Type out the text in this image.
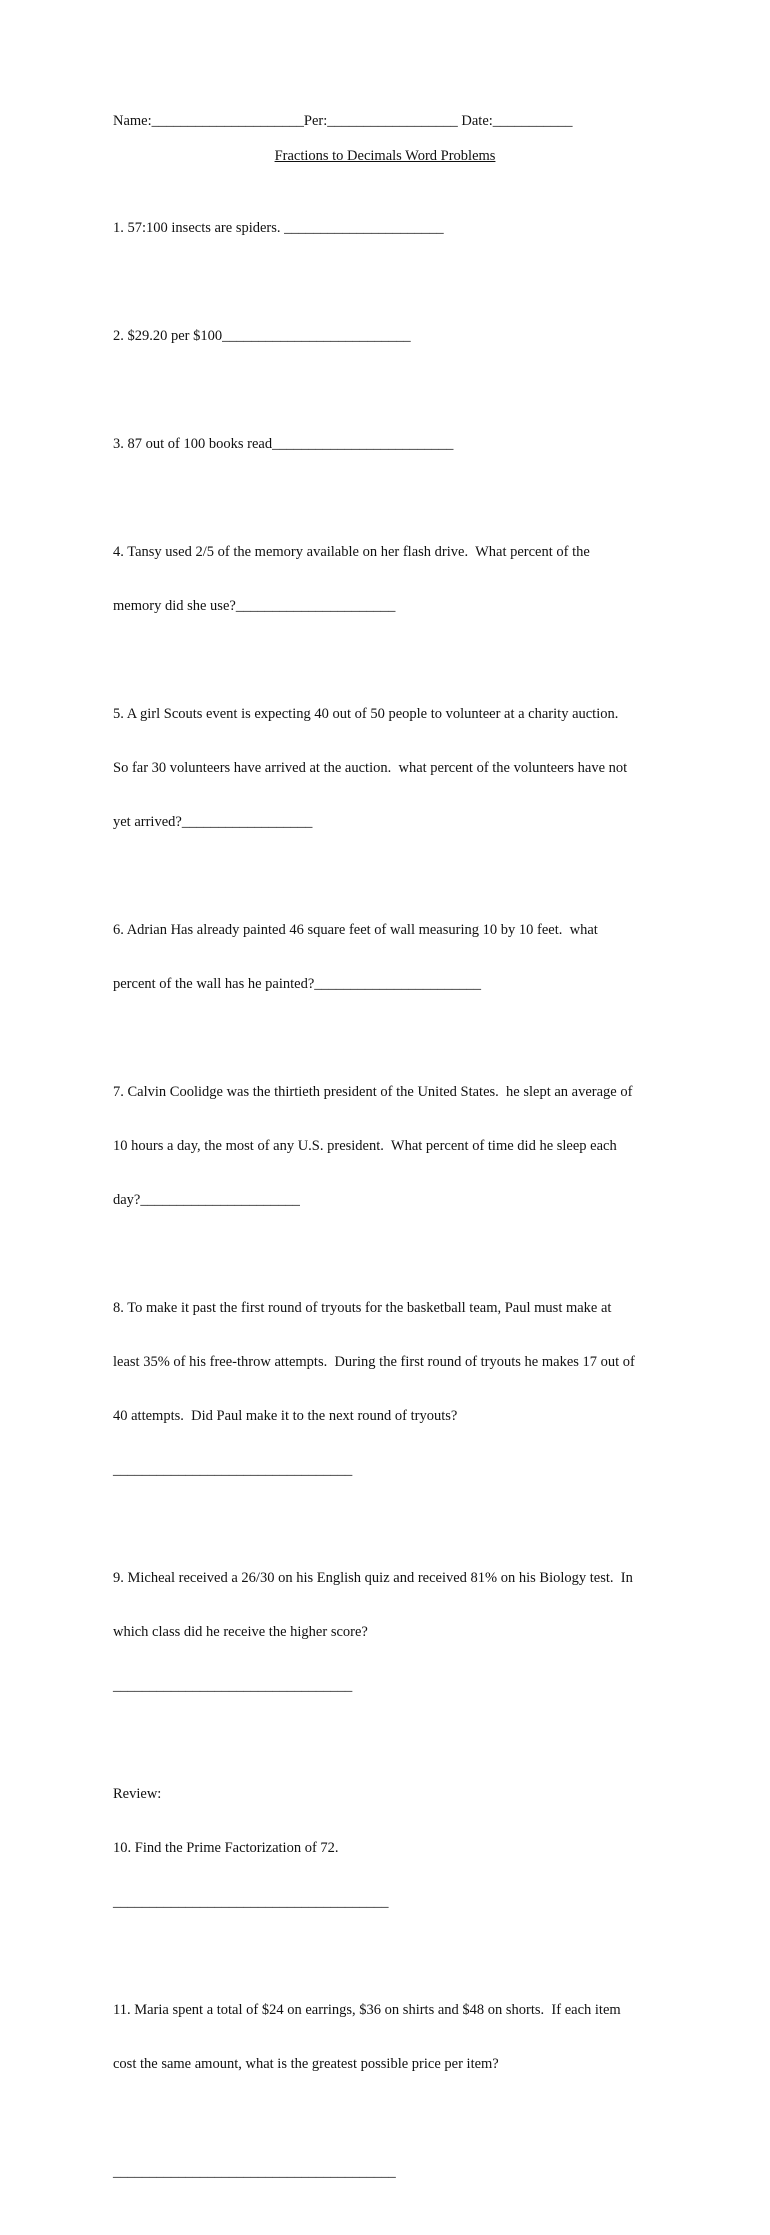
Name:_____________________Per:__________________ Date:___________
Fractions to Decimals Word Problems

1. 57:100 insects are spiders. ______________________

2. $29.20 per $100__________________________

3. 87 out of 100 books read_________________________

4. Tansy used 2/5 of the memory available on her flash drive.  What percent of the

memory did she use?______________________

5. A girl Scouts event is expecting 40 out of 50 people to volunteer at a charity auction.

So far 30 volunteers have arrived at the auction.  what percent of the volunteers have not

yet arrived?__________________

6. Adrian Has already painted 46 square feet of wall measuring 10 by 10 feet.  what

percent of the wall has he painted?_______________________

7. Calvin Coolidge was the thirtieth president of the United States.  he slept an average of

10 hours a day, the most of any U.S. president.  What percent of time did he sleep each

day?______________________

8. To make it past the first round of tryouts for the basketball team, Paul must make at

least 35% of his free-throw attempts.  During the first round of tryouts he makes 17 out of

40 attempts.  Did Paul make it to the next round of tryouts?

_________________________________

9. Micheal received a 26/30 on his English quiz and received 81% on his Biology test.  In

which class did he receive the higher score?

_________________________________

Review:

10. Find the Prime Factorization of 72.

______________________________________

11. Maria spent a total of $24 on earrings, $36 on shirts and $48 on shorts.  If each item

cost the same amount, what is the greatest possible price per item?

_______________________________________
